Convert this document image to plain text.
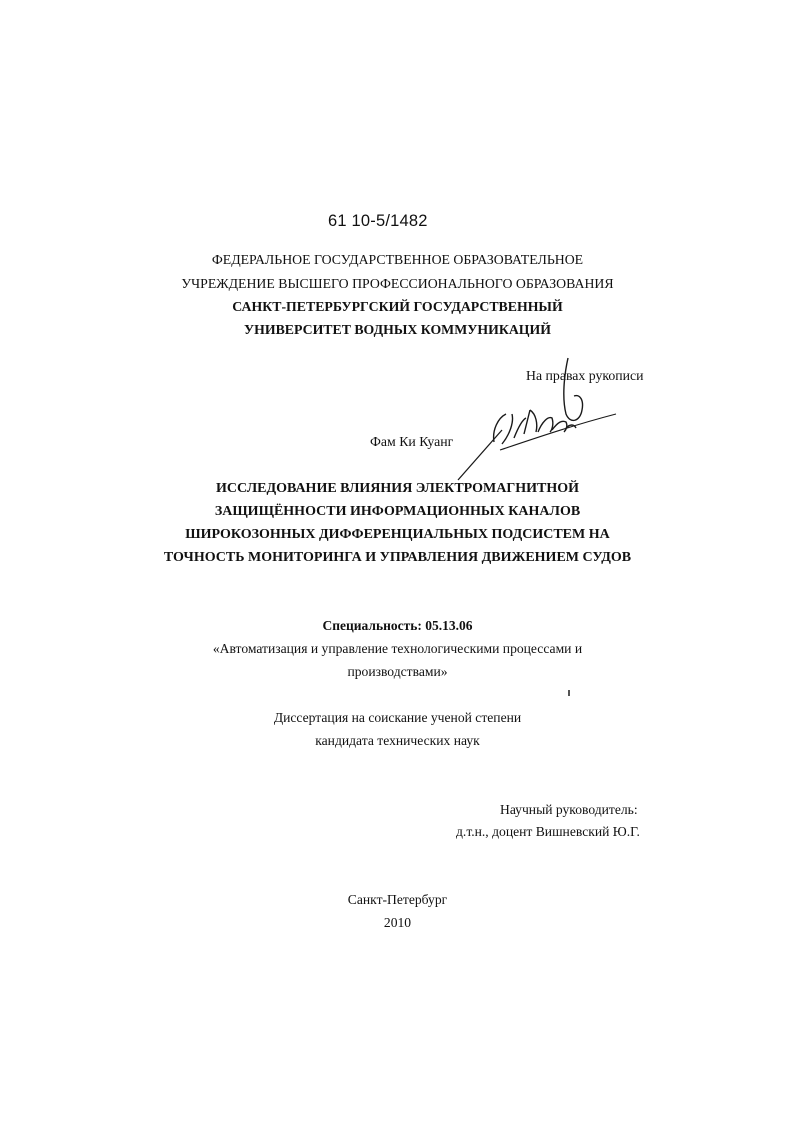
61 10-5/1482
ФЕДЕРАЛЬНОЕ ГОСУДАРСТВЕННОЕ ОБРАЗОВАТЕЛЬНОЕ
УЧРЕЖДЕНИЕ ВЫСШЕГО ПРОФЕССИОНАЛЬНОГО ОБРАЗОВАНИЯ
САНКТ-ПЕТЕРБУРГСКИЙ ГОСУДАРСТВЕННЫЙ
УНИВЕРСИТЕТ ВОДНЫХ КОММУНИКАЦИЙ
На правах рукописи
Фам Ки Куанг
ИССЛЕДОВАНИЕ ВЛИЯНИЯ ЭЛЕКТРОМАГНИТНОЙ
ЗАЩИЩЁННОСТИ ИНФОРМАЦИОННЫХ КАНАЛОВ
ШИРОКОЗОННЫХ ДИФФЕРЕНЦИАЛЬНЫХ ПОДСИСТЕМ НА
ТОЧНОСТЬ МОНИТОРИНГА И УПРАВЛЕНИЯ ДВИЖЕНИЕМ СУДОВ
Специальность: 05.13.06
«Автоматизация и управление технологическими процессами и
производствами»
Диссертация на соискание ученой степени
кандидата технических наук
Научный руководитель:
д.т.н., доцент Вишневский Ю.Г.
Санкт-Петербург
2010
